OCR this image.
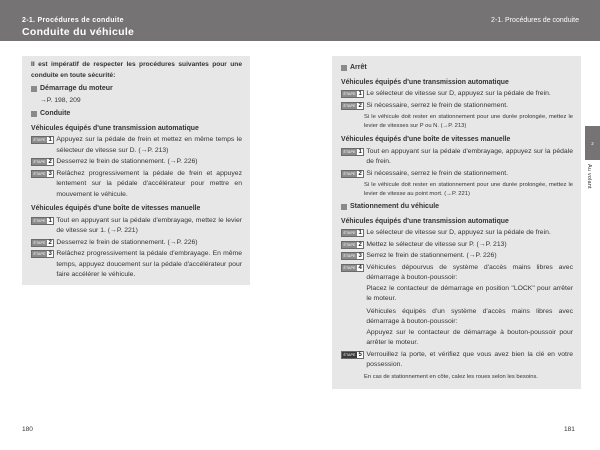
2-1. Procédures de conduite
Conduite du véhicule
2-1. Procédures de conduite
Il est impératif de respecter les procédures suivantes pour une conduite en toute sécurité:
Démarrage du moteur
→P. 198, 209
Conduite
Véhicules équipés d'une transmission automatique
ÉTAPE 1 Appuyez sur la pédale de frein et mettez en même temps le sélecteur de vitesse sur D. (→P. 213)
ÉTAPE 2 Desserrez le frein de stationnement. (→P. 226)
ÉTAPE 3 Relâchez progressivement la pédale de frein et appuyez lentement sur la pédale d'accélérateur pour mettre en mouvement le véhicule.
Véhicules équipés d'une boîte de vitesses manuelle
ÉTAPE 1 Tout en appuyant sur la pédale d'embrayage, mettez le levier de vitesse sur 1. (→P. 221)
ÉTAPE 2 Desserrez le frein de stationnement. (→P. 226)
ÉTAPE 3 Relâchez progressivement la pédale d'embrayage. En même temps, appuyez doucement sur la pédale d'accélérateur pour faire accélérer le véhicule.
Arrêt
Véhicules équipés d'une transmission automatique
ÉTAPE 1 Le sélecteur de vitesse sur D, appuyez sur la pédale de frein.
ÉTAPE 2 Si nécessaire, serrez le frein de stationnement.
Si le véhicule doit rester en stationnement pour une durée prolongée, mettez le levier de vitesses sur P ou N. (→P. 213)
Véhicules équipés d'une boîte de vitesses manuelle
ÉTAPE 1 Tout en appuyant sur la pédale d'embrayage, appuyez sur la pédale de frein.
ÉTAPE 2 Si nécessaire, serrez le frein de stationnement.
Si le véhicule doit rester en stationnement pour une durée prolongée, mettez le levier de vitesse au point mort. (→P. 221)
Stationnement du véhicule
Véhicules équipés d'une transmission automatique
ÉTAPE 1 Le sélecteur de vitesse sur D, appuyez sur la pédale de frein.
ÉTAPE 2 Mettez le sélecteur de vitesse sur P. (→P. 213)
ÉTAPE 3 Serrez le frein de stationnement. (→P. 226)
ÉTAPE 4 Véhicules dépourvus de système d'accès mains libres avec démarrage à bouton-poussoir:
Placez le contacteur de démarrage en position "LOCK" pour arrêter le moteur.

Véhicules équipés d'un système d'accès mains libres avec démarrage à bouton-poussoir:
Appuyez sur le contacteur de démarrage à bouton-poussoir pour arrêter le moteur.
ÉTAPE 5 Verrouillez la porte, et vérifiez que vous avez bien la clé en votre possession.
En cas de stationnement en côte, calez les roues selon les besoins.
2
Au volant
180	181
